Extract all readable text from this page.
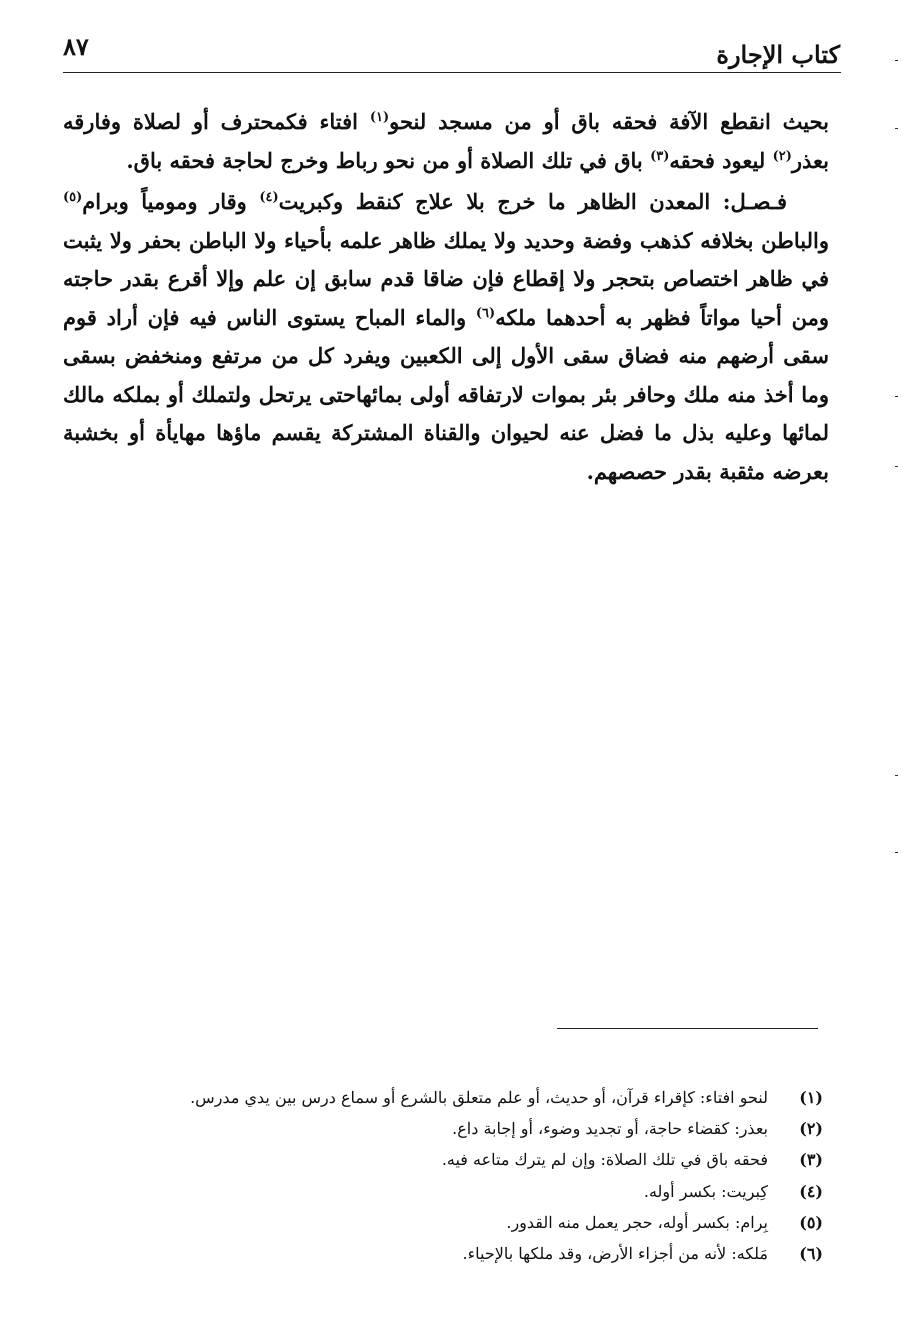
كتاب الإجارة
٨٧

بحيث انقطع الآفة فحقه باق أو من مسجد لنحو$^{(١)}$ افتاء فكمحترف أو لصلاة وفارقه بعذر$^{(٢)}$ ليعود فحقه$^{(٣)}$ باق في تلك الصلاة أو من نحو رباط وخرج لحاجة فحقه باق.

  فـصـل: المعدن الظاهر ما خرج بلا علاج كنقط وكبريت$^{(٤)}$ وقار ومومياً وبرام$^{(٥)}$ والباطن بخلافه كذهب وفضة وحديد ولا يملك ظاهر علمه بأحياء ولا الباطن بحفر ولا يثبت في ظاهر اختصاص بتحجر ولا إقطاع فإن ضاقا قدم سابق إن علم وإلا أقرع بقدر حاجته ومن أحيا مواتاً فظهر به أحدهما ملكه$^{(٦)}$ والماء المباح يستوى الناس فيه فإن أراد قوم سقى أرضهم منه فضاق سقى الأول إلى الكعبين ويفرد كل من مرتفع ومنخفض بسقى وما أخذ منه ملك وحافر بئر بموات لارتفاقه أولى بمائهاحتى يرتحل ولتملك أو بملكه مالك لمائها وعليه بذل ما فضل عنه لحيوان والقناة المشتركة يقسم ماؤها مهايأة أو بخشبة بعرضه مثقبة بقدر حصصهم.

(١)
لنحو افتاء: كإقراء قرآن، أو حديث، أو علم متعلق بالشرع أو سماع درس بين يدي مدرس.
(٢)
بعذر: كقضاء حاجة، أو تجديد وضوء، أو إجابة داع.
(٣)
فحقه باق في تلك الصلاة: وإن لم يترك متاعه فيه.
(٤)
كِبريت: بكسر أوله.
(٥)
بِرام: بكسر أوله، حجر يعمل منه القدور.
(٦)
مَلكه: لأنه من أجزاء الأرض، وقد ملكها بالإحياء.
